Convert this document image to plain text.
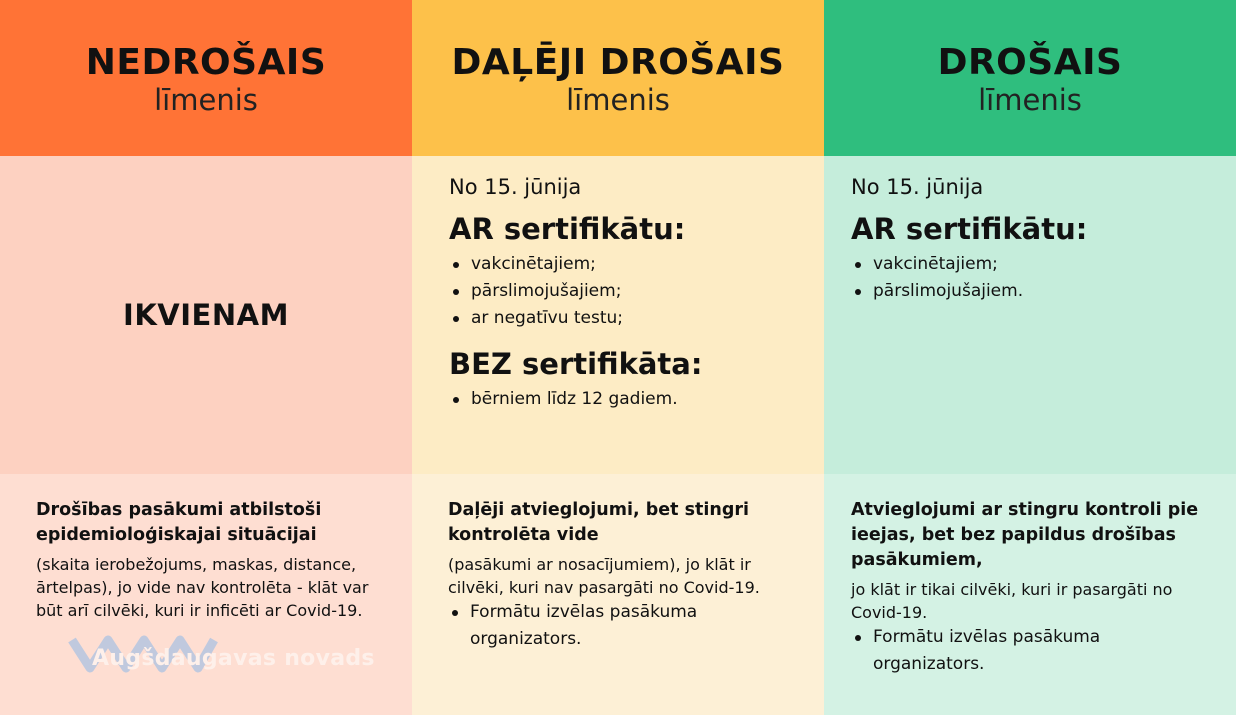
NEDROŠAIS
līmenis
DAĻĒJI DROŠAIS
līmenis
DROŠAIS
līmenis
IKVIENAM
No 15. jūnija
AR sertifikātu:
vakcinētajiem;
pārslimojušajiem;
ar negatīvu testu;
BEZ sertifikāta:
bērniem līdz 12 gadiem.
No 15. jūnija
AR sertifikātu:
vakcinētajiem;
pārslimojušajiem.

Drošības pasākumi atbilstoši epidemioloģiskajai situācijai

(skaita ierobežojums, maskas, distance, ārtelpas), jo vide nav kontrolēta - klāt var būt arī cilvēki, kuri ir inficēti ar Covid-19.

Daļēji atvieglojumi, bet stingri kontrolēta vide

(pasākumi ar nosacījumiem), jo klāt ir cilvēki, kuri nav pasargāti no Covid-19.

Formātu izvēlas pasākuma organizators.

Atvieglojumi ar stingru kontroli pie ieejas, bet bez papildus drošības pasākumiem,

jo klāt ir tikai cilvēki, kuri ir pasargāti no Covid-19.

Formātu izvēlas pasākuma organizators.
Augšdaugavas novads
